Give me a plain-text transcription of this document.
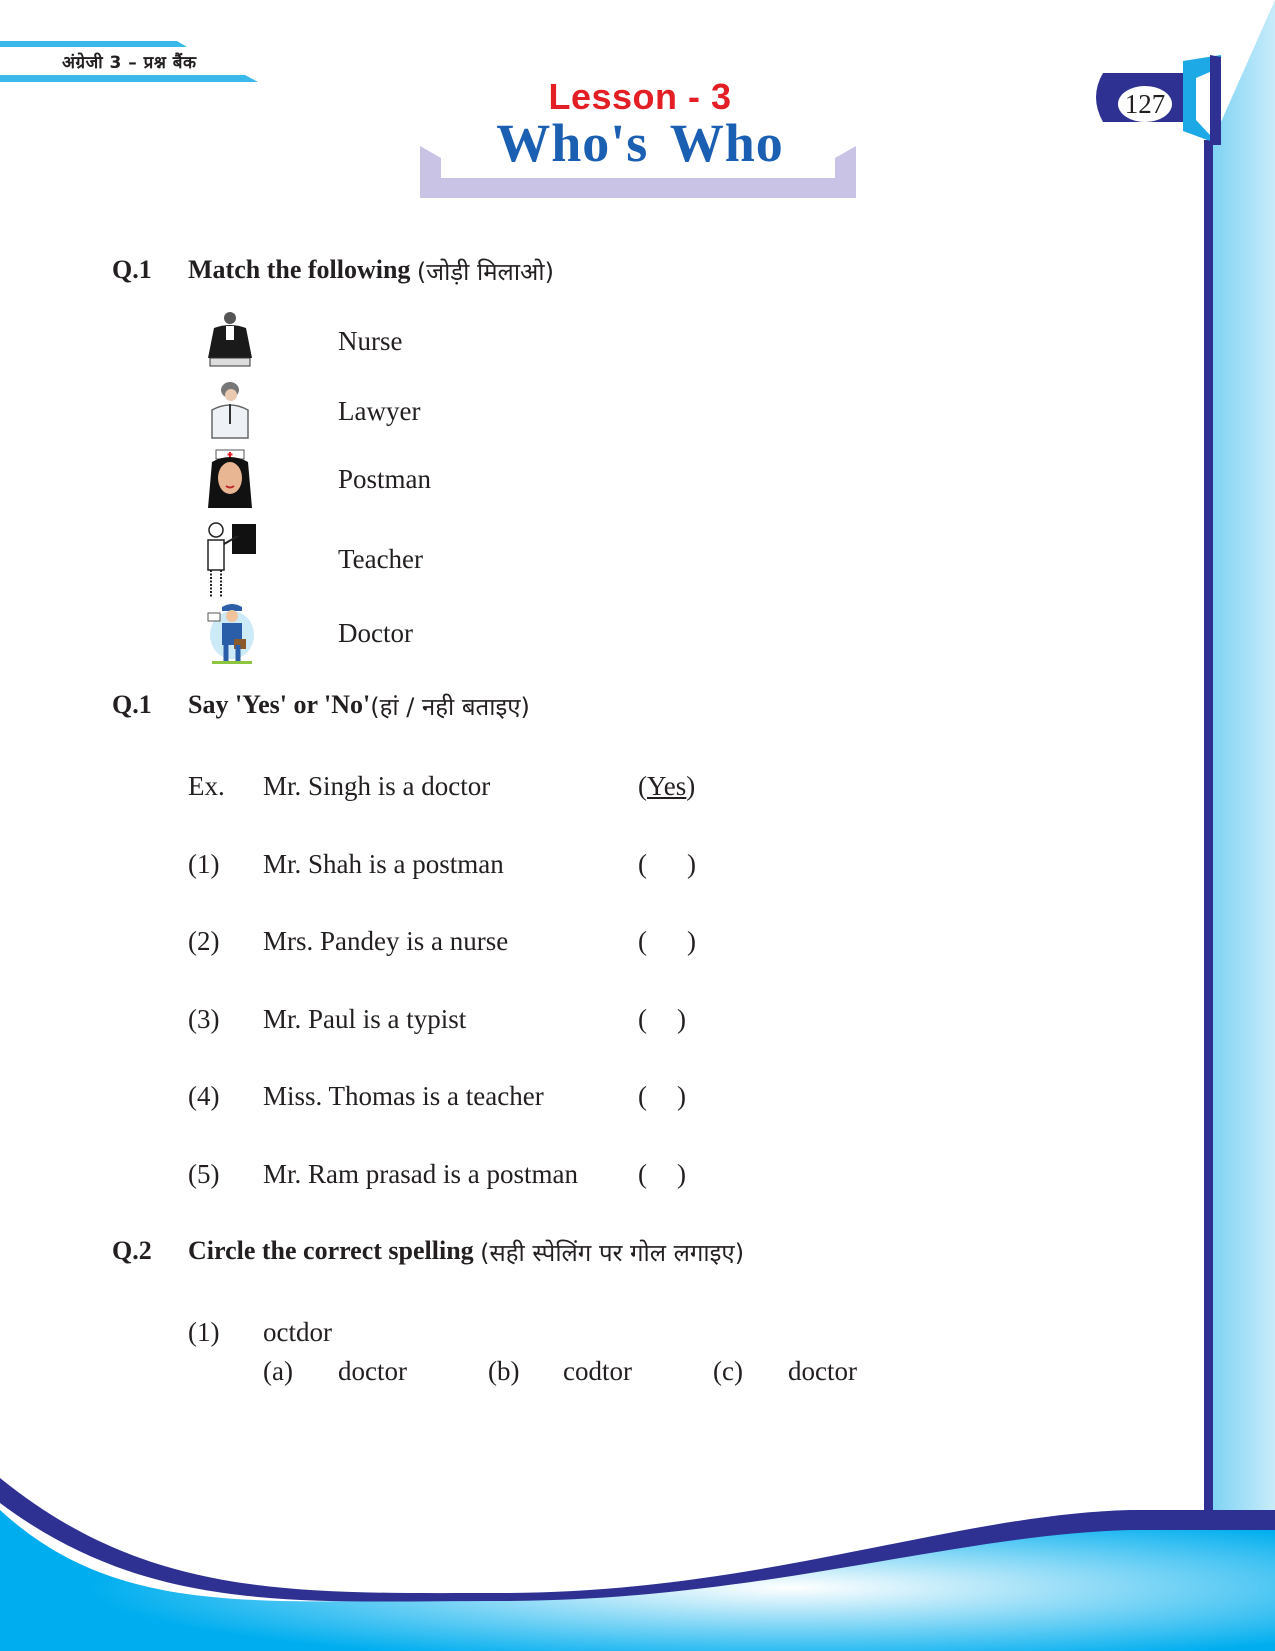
अंग्रेजी 3 – प्रश्न बैंक
127
Lesson - 3
Who's Who
Q.1	Match the following
(जोड़ी मिलाओ)
Nurse
Lawyer
Postman
Teacher
Doctor
Q.1	Say 'Yes' or 'No' (हां / नही बताइए)
Ex. Mr. Singh is a doctor	(Yes)
(1) Mr. Shah is a postman	( )
(2) Mrs. Pandey is a nurse	( )
(3) Mr. Paul is a typist	( )
(4) Miss. Thomas is a teacher	( )
(5) Mr. Ram prasad is a postman ( )
Q.2	Circle the correct spelling
(सही स्पेलिंग पर गोल लगाइए)
(1) octdor
(a) doctor	(b) codtor	(c) doctor
